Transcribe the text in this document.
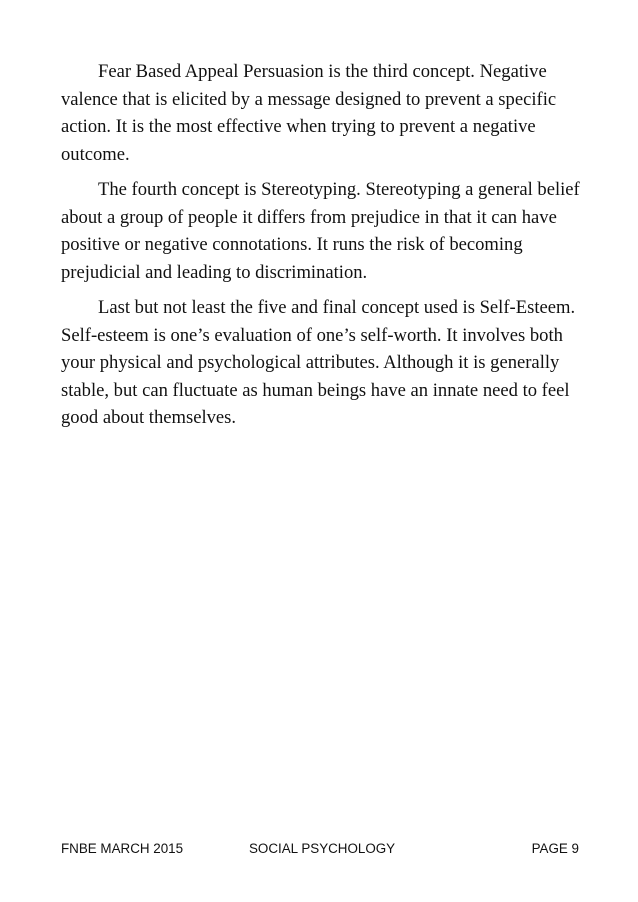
Fear Based Appeal Persuasion is the third concept. Negative valence that is elicited by a message designed to prevent a specific action. It is the most effective when trying to prevent a negative outcome.

The fourth concept is Stereotyping. Stereotyping a general belief about a group of people it differs from prejudice in that it can have positive or negative connotations. It runs the risk of becoming prejudicial and leading to discrimination.

Last but not least the five and final concept used is Self-Esteem. Self-esteem is one’s evaluation of one’s self-worth. It involves both your physical and psychological attributes. Although it is generally stable, but can fluctuate as human beings have an innate need to feel good about themselves.

FNBE MARCH 2015	SOCIAL PSYCHOLOGY	PAGE 9
